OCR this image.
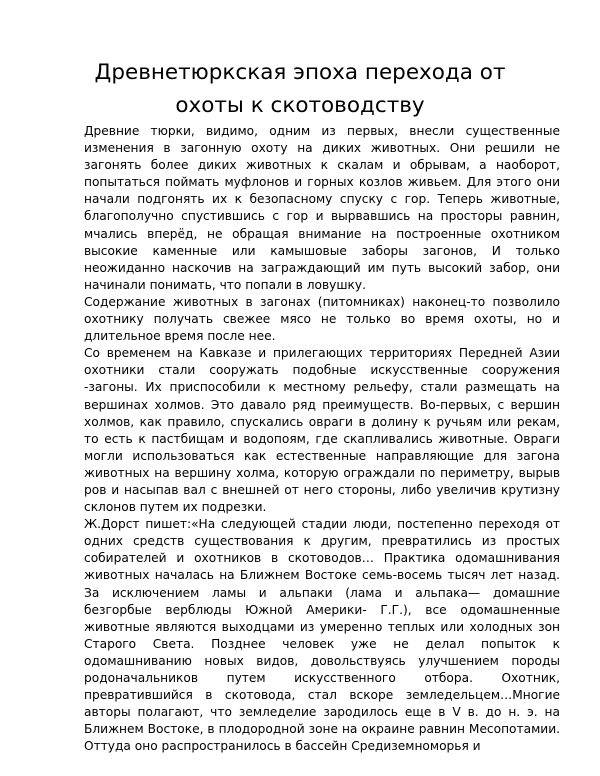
Древнетюркская эпоха перехода от
охоты к скотоводству

Древние тюрки, видимо, одним из первых, внесли существенные изменения в загонную охоту на диких животных. Они решили не загонять более диких животных к скалам и обрывам, а наоборот, попытаться поймать муфлонов и горных козлов живьем. Для этого они начали подгонять их к безопасному спуску с гор. Теперь животные, благополучно спустившись с гор и вырвавшись на просторы равнин, мчались вперёд, не обращая внимание на построенные охотником высокие каменные или камышовые заборы загонов, И только неожиданно наскочив на заграждающий им путь высокий забор, они начинали понимать, что попали в ловушку.

Содержание животных в загонах (питомниках) наконец-то позволило охотнику получать свежее мясо не только во время охоты, но и длительное время после нее.

Со временем на Кавказе и прилегающих территориях Передней Азии охотники стали сооружать подобные искусственные сооружения -загоны. Их приспособили к местному рельефу, стали размещать на вершинах холмов. Это давало ряд преимуществ. Во-первых, с вершин холмов, как правило, спускались овраги в долину к ручьям или рекам, то есть к пастбищам и водопоям, где скапливались животные. Овраги могли использоваться как естественные направляющие для загона животных на вершину холма, которую ограждали по периметру, вырыв ров и насыпав вал с внешней от него стороны, либо увеличив крутизну склонов путем их подрезки.

Ж.Дорст пишет:«На следующей стадии люди, постепенно переходя от одних средств существования к другим, превратились из простых собирателей и охотников в скотоводов… Практика одомашнивания животных началась на Ближнем Востоке семь-восемь тысяч лет назад. За исключением ламы и альпаки (лама и альпака— домашние безгорбые верблюды Южной Америки- Г.Г.), все одомашненные животные являются выходцами из умеренно теплых или холодных зон Старого Света. Позднее человек уже не делал попыток к одомашниванию новых видов, довольствуясь улучшением породы родоначальников путем искусственного отбора. Охотник, превратившийся в скотовода, стал вскоре земледельцем…Многие авторы полагают, что земледелие зародилось еще в V в. до н. э. на Ближнем Востоке, в плодородной зоне на окраине равнин Месопотамии. Оттуда оно распространилось в бассейн Средиземноморья и
